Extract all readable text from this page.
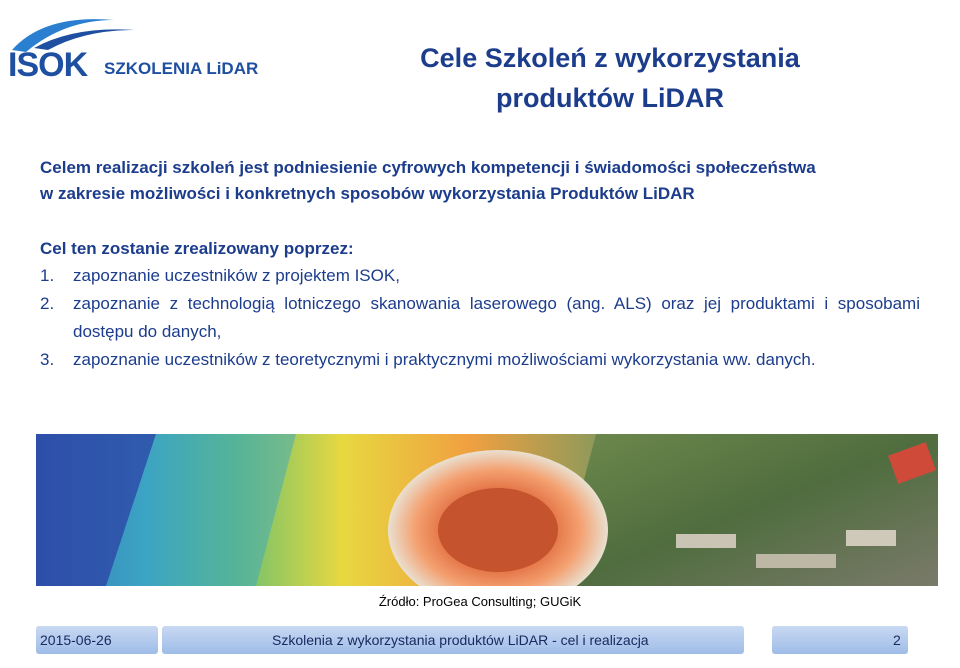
ISOK SZKOLENIA LiDAR	Cele Szkoleń z wykorzystania
produktów LiDAR
Celem realizacji szkoleń jest podniesienie cyfrowych kompetencji i świadomości społeczeństwa
w zakresie możliwości i konkretnych sposobów wykorzystania Produktów LiDAR
Cel ten zostanie zrealizowany poprzez:
1.	zapoznanie uczestników z projektem ISOK,
2.	zapoznanie z technologią lotniczego skanowania laserowego (ang. ALS) oraz jej produktami i sposobami dostępu do danych,
3.	zapoznanie uczestników z teoretycznymi i praktycznymi możliwościami wykorzystania ww. danych.
Źródło: ProGea Consulting; GUGiK
2015-06-26	Szkolenia z wykorzystania produktów LiDAR - cel i realizacja	2
